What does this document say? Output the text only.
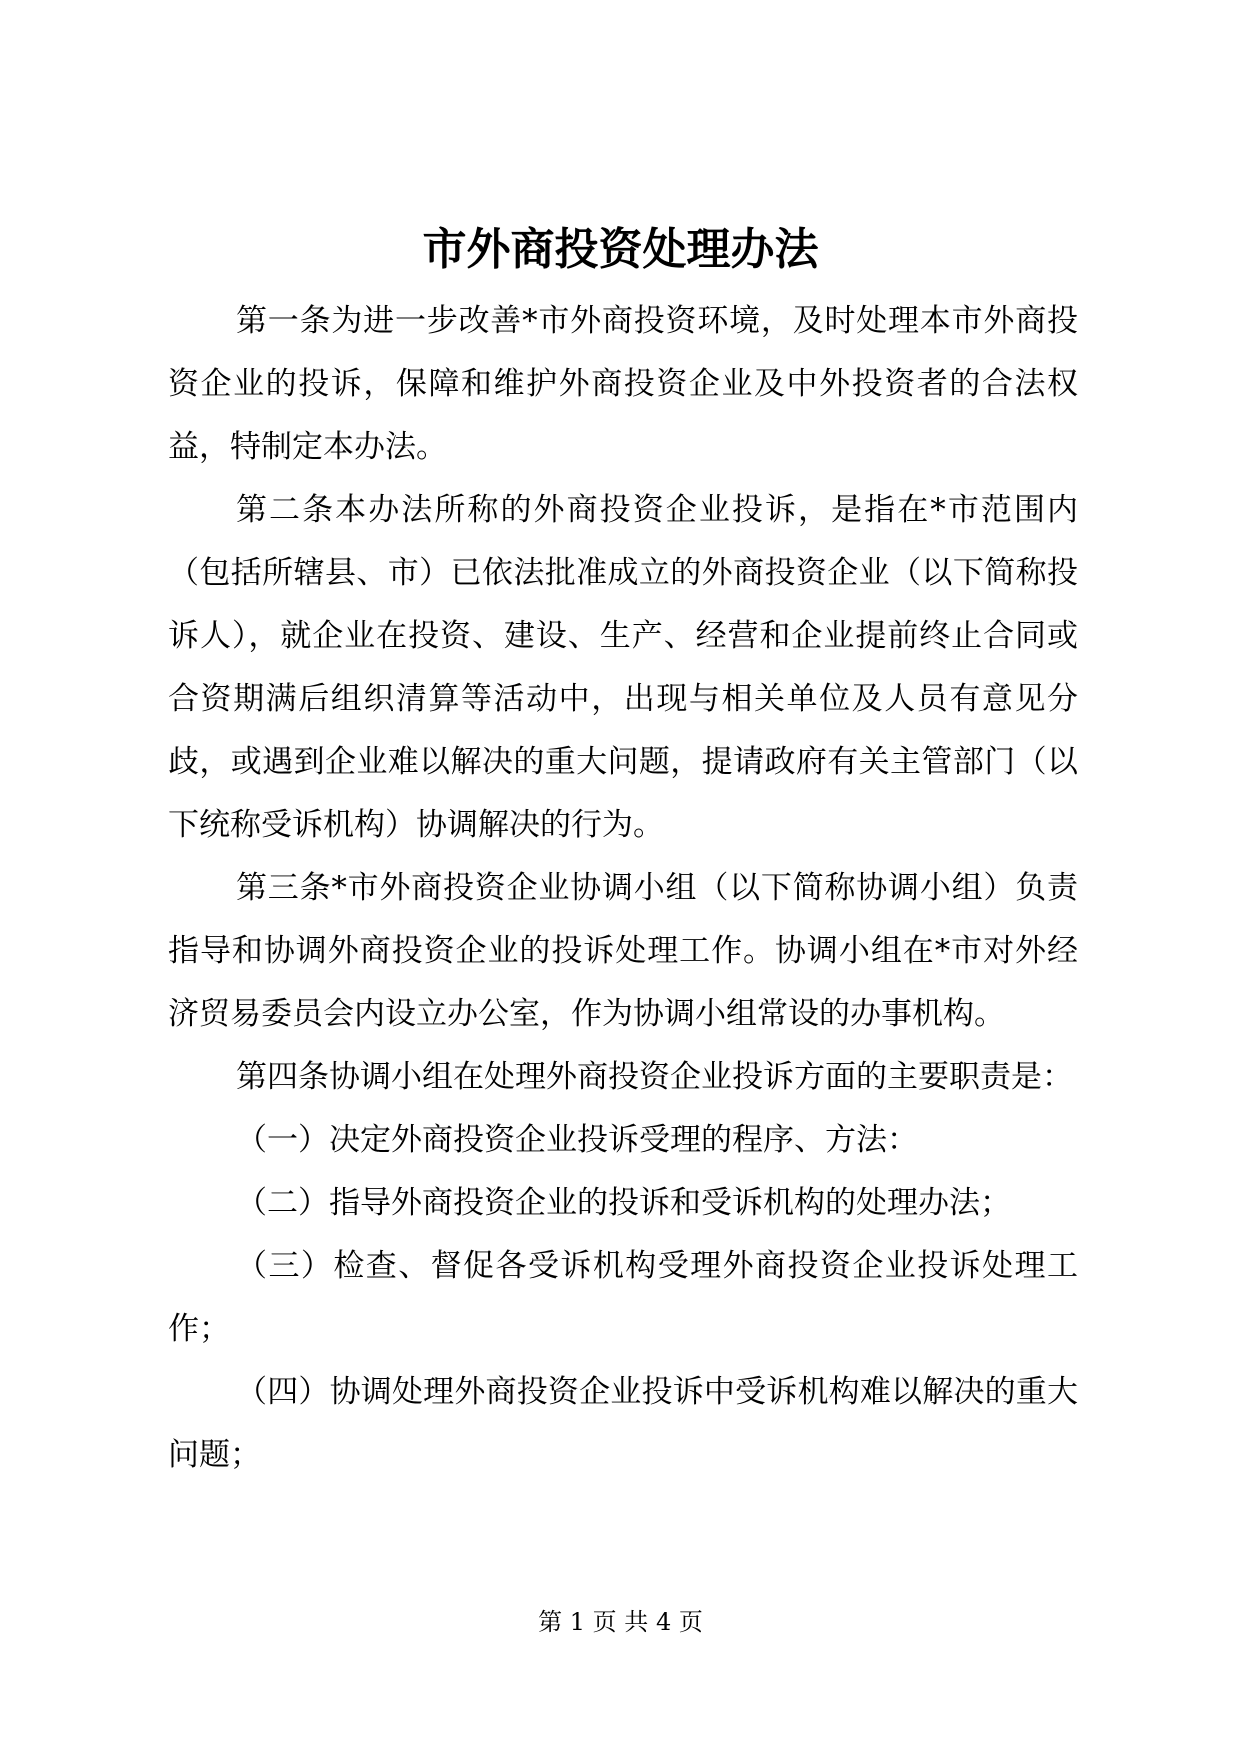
市外商投资处理办法

第一条为进一步改善*市外商投资环境，及时处理本市外商投资企业的投诉，保障和维护外商投资企业及中外投资者的合法权益，特制定本办法。

第二条本办法所称的外商投资企业投诉，是指在*市范围内（包括所辖县、市）已依法批准成立的外商投资企业（以下简称投诉人），就企业在投资、建设、生产、经营和企业提前终止合同或合资期满后组织清算等活动中，出现与相关单位及人员有意见分歧，或遇到企业难以解决的重大问题，提请政府有关主管部门（以下统称受诉机构）协调解决的行为。

第三条*市外商投资企业协调小组（以下简称协调小组）负责指导和协调外商投资企业的投诉处理工作。协调小组在*市对外经济贸易委员会内设立办公室，作为协调小组常设的办事机构。

第四条协调小组在处理外商投资企业投诉方面的主要职责是：

（一）决定外商投资企业投诉受理的程序、方法：

（二）指导外商投资企业的投诉和受诉机构的处理办法；

（三）检查、督促各受诉机构受理外商投资企业投诉处理工作；

（四）协调处理外商投资企业投诉中受诉机构难以解决的重大问题；

第 1 页 共 4 页
